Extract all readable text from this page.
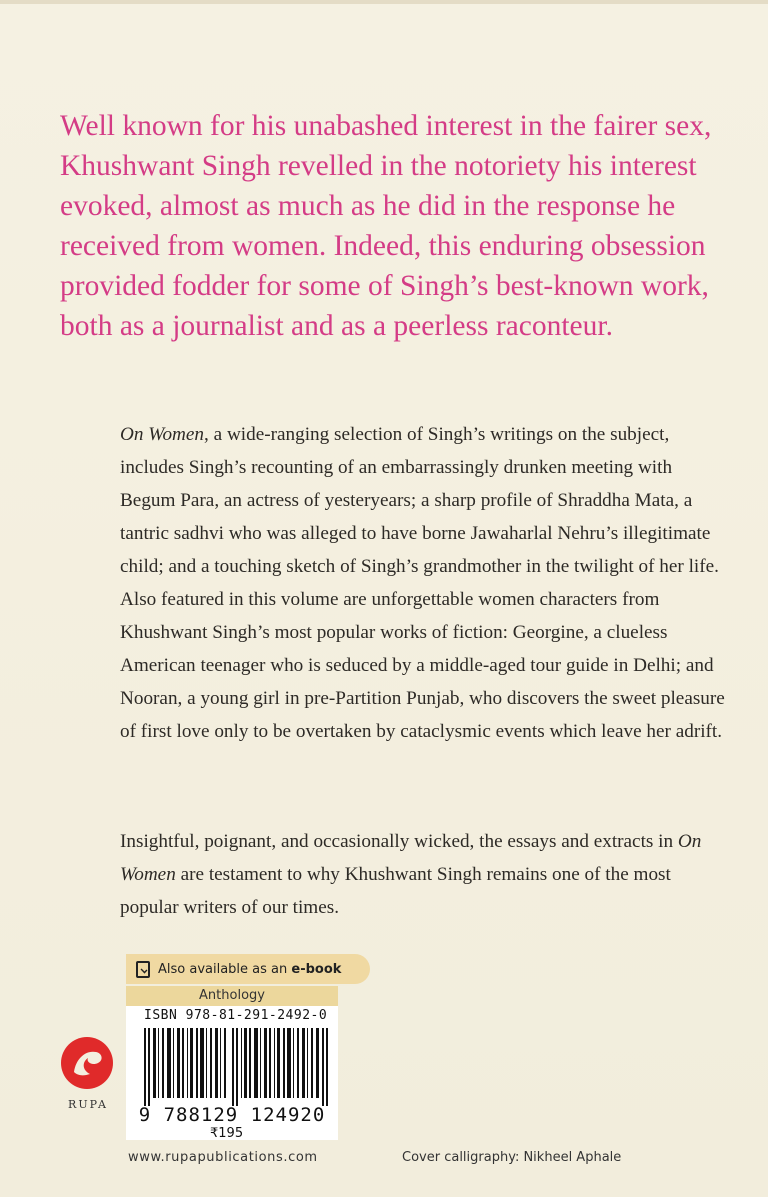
Well known for his unabashed interest in the fairer sex, Khushwant Singh revelled in the notoriety his interest evoked, almost as much as he did in the response he received from women. Indeed, this enduring obsession provided fodder for some of Singh’s best-known work, both as a journalist and as a peerless raconteur.

On Women, a wide-ranging selection of Singh’s writings on the subject, includes Singh’s recounting of an embarrassingly drunken meeting with Begum Para, an actress of yesteryears; a sharp profile of Shraddha Mata, a tantric sadhvi who was alleged to have borne Jawaharlal Nehru’s illegitimate child; and a touching sketch of Singh’s grandmother in the twilight of her life. Also featured in this volume are unforgettable women characters from Khushwant Singh’s most popular works of fiction: Georgine, a clueless American teenager who is seduced by a middle-aged tour guide in Delhi; and Nooran, a young girl in pre-Partition Punjab, who discovers the sweet pleasure of first love only to be overtaken by cataclysmic events which leave her adrift.

Insightful, poignant, and occasionally wicked, the essays and extracts in On Women are testament to why Khushwant Singh remains one of the most popular writers of our times.

Also available as an e-book
Anthology
ISBN 978-81-291-2492-0
9 788129 124920
₹195
RUPA
www.rupapublications.com	Cover calligraphy: Nikheel Aphale
